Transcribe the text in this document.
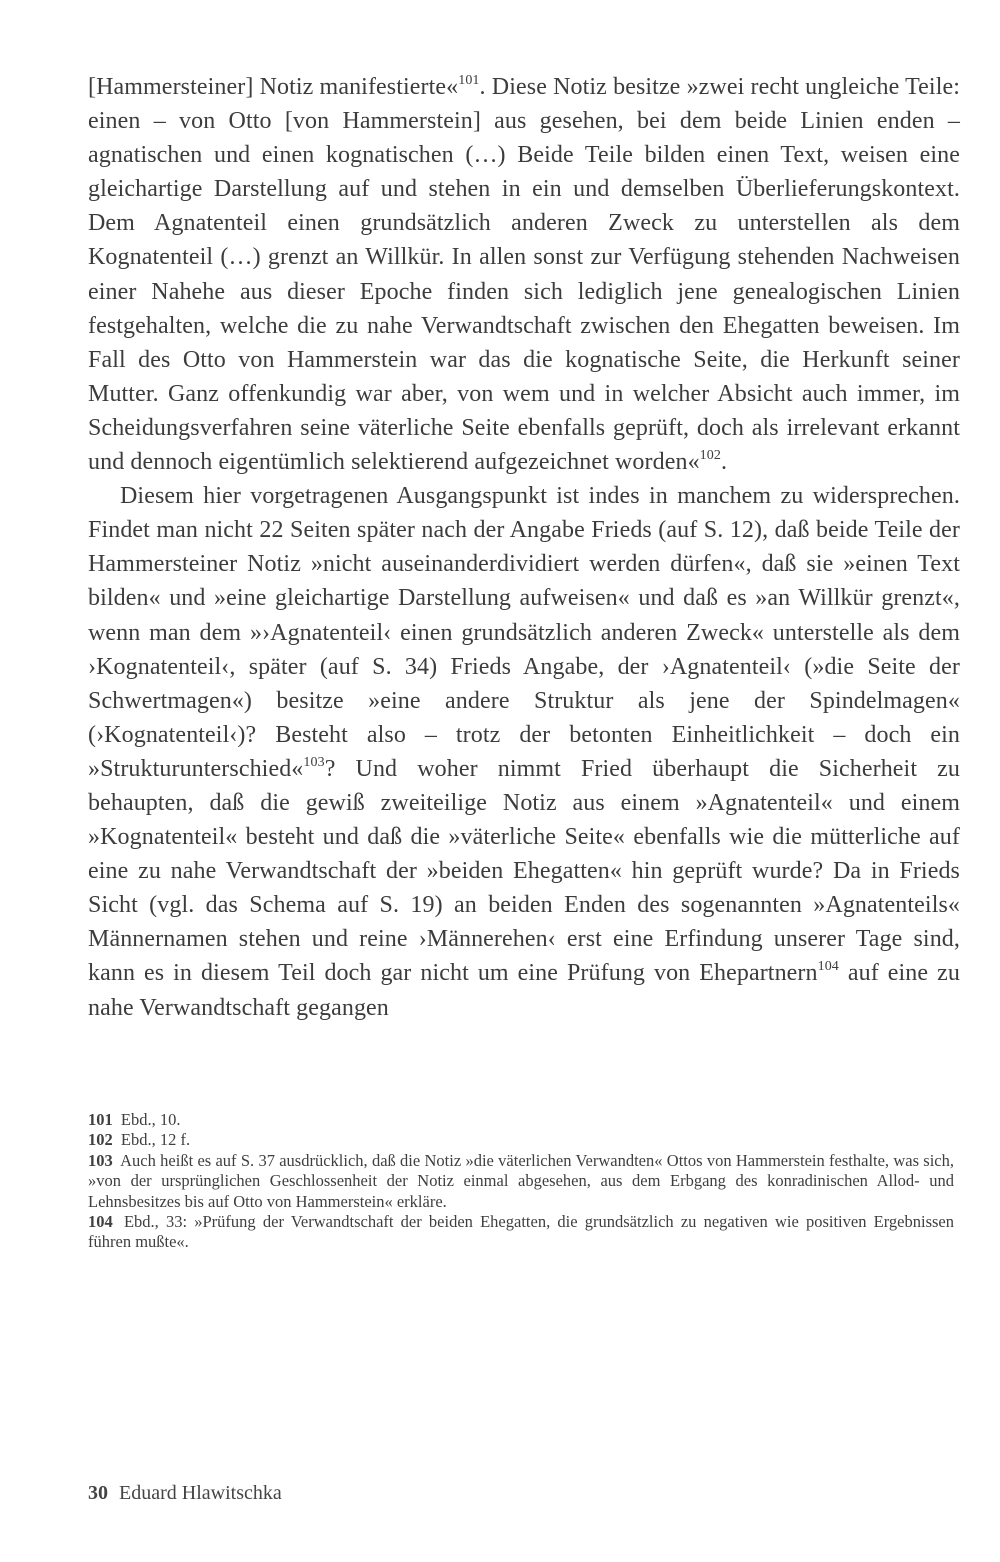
[Hammersteiner] Notiz manifestierte«$^{101}$. Diese Notiz besitze »zwei recht ungleiche Teile: einen – von Otto [von Hammerstein] aus gesehen, bei dem beide Linien enden – agnatischen und einen kognatischen (…) Beide Teile bilden einen Text, weisen eine gleichartige Darstellung auf und stehen in ein und demselben Überlieferungskontext. Dem Agnatenteil einen grundsätzlich anderen Zweck zu unterstellen als dem Kognatenteil (…) grenzt an Willkür. In allen sonst zur Verfügung stehenden Nachweisen einer Nahehe aus dieser Epoche finden sich lediglich jene genealogischen Linien festgehalten, welche die zu nahe Verwandtschaft zwischen den Ehegatten beweisen. Im Fall des Otto von Hammerstein war das die kognatische Seite, die Herkunft seiner Mutter. Ganz offenkundig war aber, von wem und in welcher Absicht auch immer, im Scheidungsverfahren seine väterliche Seite ebenfalls geprüft, doch als irrelevant erkannt und dennoch eigentümlich selektierend aufgezeichnet worden«$^{102}$.

Diesem hier vorgetragenen Ausgangspunkt ist indes in manchem zu widersprechen. Findet man nicht 22 Seiten später nach der Angabe Frieds (auf S. 12), daß beide Teile der Hammersteiner Notiz »nicht auseinanderdividiert werden dürfen«, daß sie »einen Text bilden« und »eine gleichartige Darstellung aufweisen« und daß es »an Willkür grenzt«, wenn man dem »›Agnatenteil‹ einen grundsätzlich anderen Zweck« unterstelle als dem ›Kognatenteil‹, später (auf S. 34) Frieds Angabe, der ›Agnatenteil‹ (»die Seite der Schwertmagen«) besitze »eine andere Struktur als jene der Spindelmagen« (›Kognatenteil‹)? Besteht also – trotz der betonten Einheitlichkeit – doch ein »Strukturunterschied«$^{103}$? Und woher nimmt Fried überhaupt die Sicherheit zu behaupten, daß die gewiß zweiteilige Notiz aus einem »Agnatenteil« und einem »Kognatenteil« besteht und daß die »väterliche Seite« ebenfalls wie die mütterliche auf eine zu nahe Verwandtschaft der »beiden Ehegatten« hin geprüft wurde? Da in Frieds Sicht (vgl. das Schema auf S. 19) an beiden Enden des sogenannten »Agnatenteils« Männernamen stehen und reine ›Männerehen‹ erst eine Erfindung unserer Tage sind, kann es in diesem Teil doch gar nicht um eine Prüfung von Ehepartnern$^{104}$ auf eine zu nahe Verwandtschaft gegangen

101 Ebd., 10.

102 Ebd., 12 f.

103 Auch heißt es auf S. 37 ausdrücklich, daß die Notiz »die väterlichen Verwandten« Ottos von Hammerstein festhalte, was sich, »von der ursprünglichen Geschlossenheit der Notiz einmal abgesehen, aus dem Erbgang des konradinischen Allod- und Lehnsbesitzes bis auf Otto von Hammerstein« erkläre.

104 Ebd., 33: »Prüfung der Verwandtschaft der beiden Ehegatten, die grundsätzlich zu negativen wie positiven Ergebnissen führen mußte«.

30 Eduard Hlawitschka
